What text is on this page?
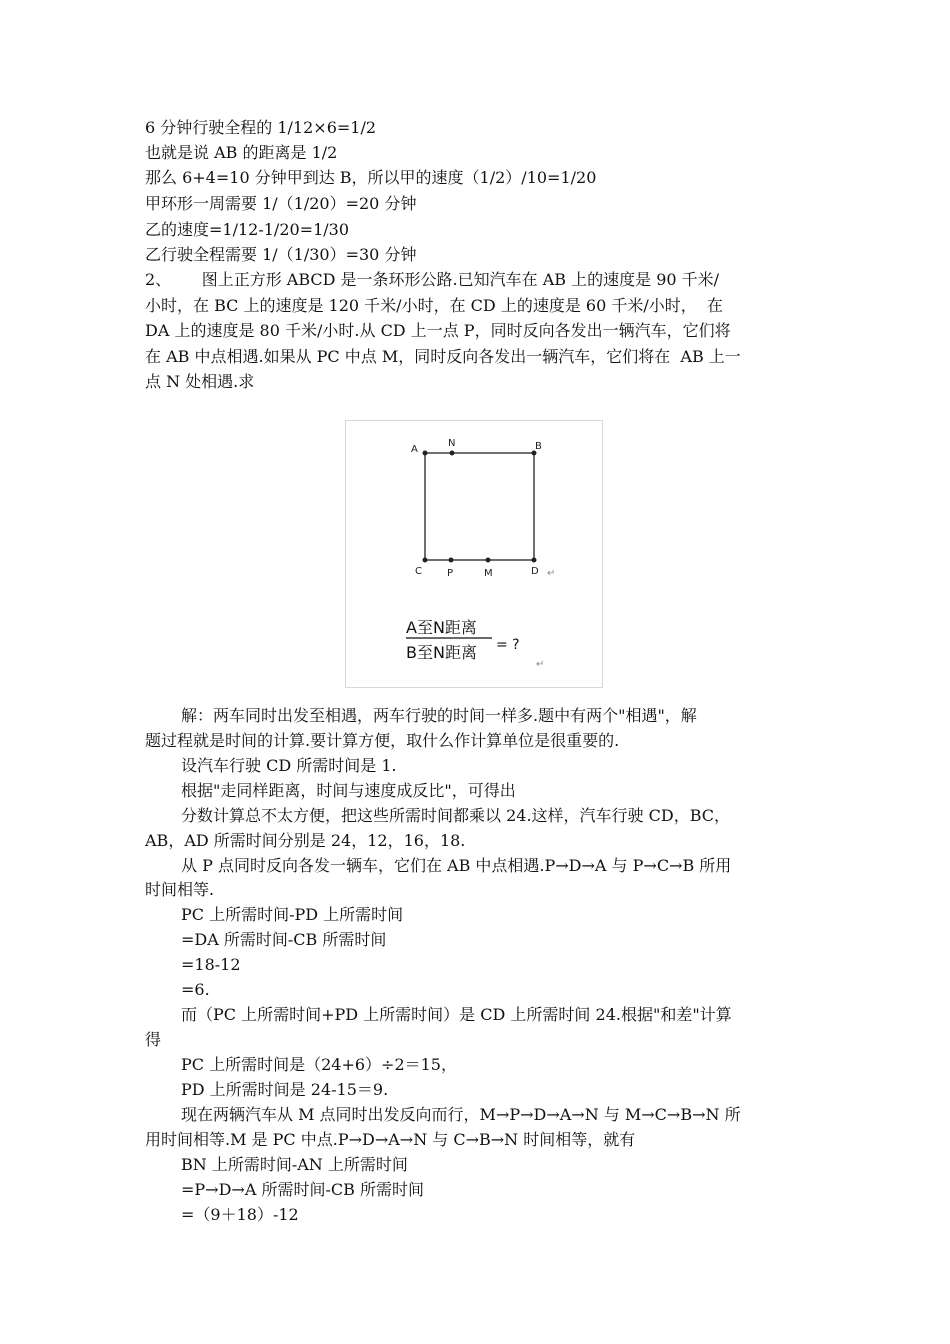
6 分钟行驶全程的 1/12×6=1/2
也就是说 AB 的距离是 1/2
那么 6+4=10 分钟甲到达 B，所以甲的速度（1/2）/10=1/20
甲环形一周需要 1/（1/20）=20 分钟
乙的速度=1/12-1/20=1/30
乙行驶全程需要 1/（1/30）=30 分钟
2、      图上正方形 ABCD 是一条环形公路.已知汽车在 AB 上的速度是 90 千米/
小时，在 BC 上的速度是 120 千米/小时，在 CD 上的速度是 60 千米/小时，  在
DA 上的速度是 80 千米/小时.从 CD 上一点 P，同时反向各发出一辆汽车，它们将
在 AB 中点相遇.如果从 PC 中点 M，同时反向各发出一辆汽车，它们将在  AB 上一
点 N 处相遇.求
A
N	B
C	P	M	D ↵
A至N距离
B至N距离 = ?
↵
解：两车同时出发至相遇，两车行驶的时间一样多.题中有两个"相遇"，解
题过程就是时间的计算.要计算方便，取什么作计算单位是很重要的.
设汽车行驶 CD 所需时间是 1.
根据"走同样距离，时间与速度成反比"，可得出
分数计算总不太方便，把这些所需时间都乘以 24.这样，汽车行驶 CD，BC，
AB，AD 所需时间分别是 24，12，16，18.
从 P 点同时反向各发一辆车，它们在 AB 中点相遇.P→D→A 与 P→C→B 所用
时间相等.
PC 上所需时间-PD 上所需时间
=DA 所需时间-CB 所需时间
=18-12
=6.
而（PC 上所需时间+PD 上所需时间）是 CD 上所需时间 24.根据"和差"计算
得
PC 上所需时间是（24+6）÷2＝15，
PD 上所需时间是 24-15＝9.
现在两辆汽车从 M 点同时出发反向而行，M→P→D→A→N 与 M→C→B→N 所
用时间相等.M 是 PC 中点.P→D→A→N 与 C→B→N 时间相等，就有
BN 上所需时间-AN 上所需时间
=P→D→A 所需时间-CB 所需时间
=（9＋18）-12
